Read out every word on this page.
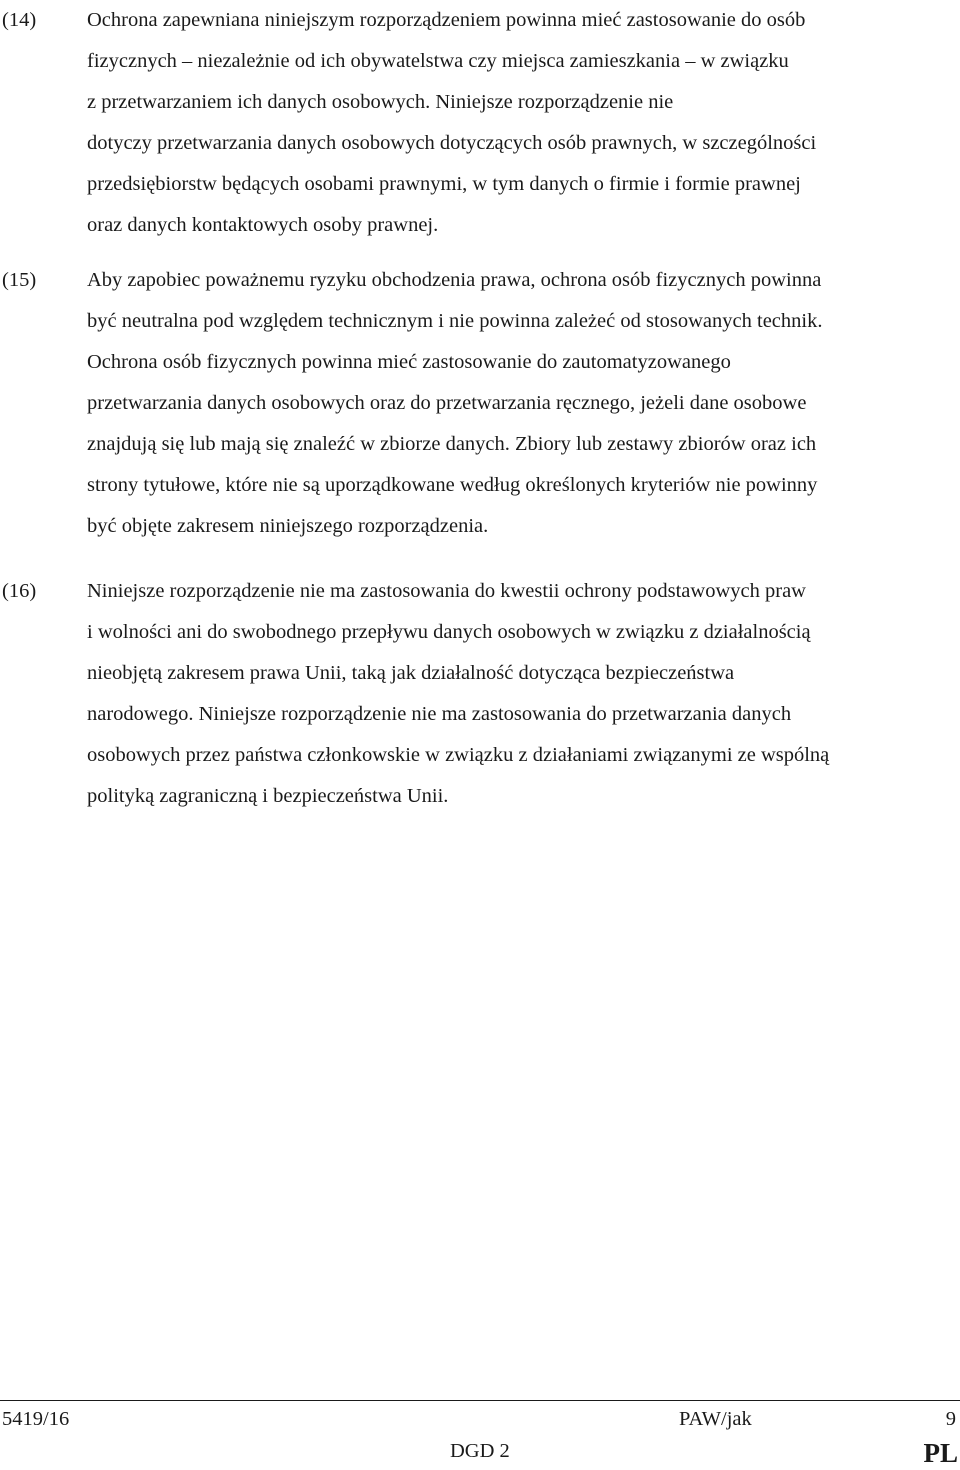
(14) Ochrona zapewniana niniejszym rozporządzeniem powinna mieć zastosowanie do osób
fizycznych – niezależnie od ich obywatelstwa czy miejsca zamieszkania – w związku
z przetwarzaniem ich danych osobowych. Niniejsze rozporządzenie nie
dotyczy przetwarzania danych osobowych dotyczących osób prawnych, w szczególności
przedsiębiorstw będących osobami prawnymi, w tym danych o firmie i formie prawnej
oraz danych kontaktowych osoby prawnej.
(15) Aby zapobiec poważnemu ryzyku obchodzenia prawa, ochrona osób fizycznych powinna
być neutralna pod względem technicznym i nie powinna zależeć od stosowanych technik.
Ochrona osób fizycznych powinna mieć zastosowanie do zautomatyzowanego
przetwarzania danych osobowych oraz do przetwarzania ręcznego, jeżeli dane osobowe
znajdują się lub mają się znaleźć w zbiorze danych. Zbiory lub zestawy zbiorów oraz ich
strony tytułowe, które nie są uporządkowane według określonych kryteriów nie powinny
być objęte zakresem niniejszego rozporządzenia.
(16) Niniejsze rozporządzenie nie ma zastosowania do kwestii ochrony podstawowych praw
i wolności ani do swobodnego przepływu danych osobowych w związku z działalnością
nieobjętą zakresem prawa Unii, taką jak działalność dotycząca bezpieczeństwa
narodowego. Niniejsze rozporządzenie nie ma zastosowania do przetwarzania danych
osobowych przez państwa członkowskie w związku z działaniami związanymi ze wspólną
polityką zagraniczną i bezpieczeństwa Unii.
5419/16	PAW/jak	9
DGD 2	PL
